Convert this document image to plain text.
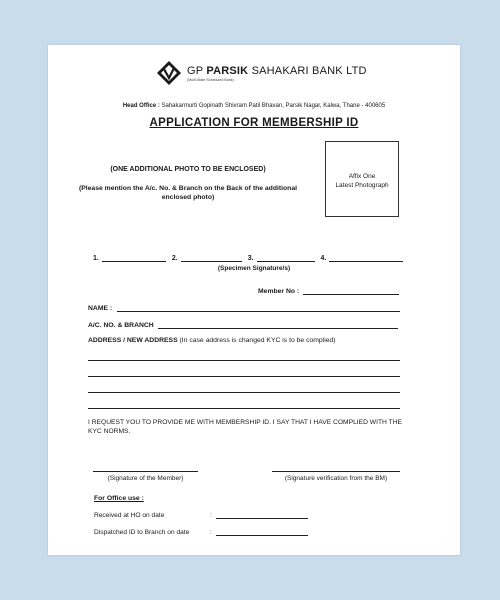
GP PARSIK SAHAKARI BANK LTD
(Multi-State Scheduled Bank)
Head Office : Sahakarmurti Gopinath Shivram Patil Bhavan, Parsik Nagar, Kalwa, Thane - 400605
APPLICATION FOR MEMBERSHIP ID
(ONE ADDITIONAL PHOTO TO BE ENCLOSED)
(Please mention the A/c. No. & Branch on the Back of the additional enclosed photo)
Affix One
Latest Photograph
1.	2.	3.	4.
(Specimen Signature/s)
Member No :
NAME :
A/C. NO. & BRANCH
ADDRESS / NEW ADDRESS (In case address is changed KYC is to be complied)
I REQUEST YOU TO PROVIDE ME WITH MEMBERSHIP ID. I SAY THAT I HAVE COMPLIED WITH THE KYC NORMS.
(Signature of the Member)	(Signature verification from the BM)
For Office use :
Received at HO on date	:
Dispatched ID to Branch on date	:
